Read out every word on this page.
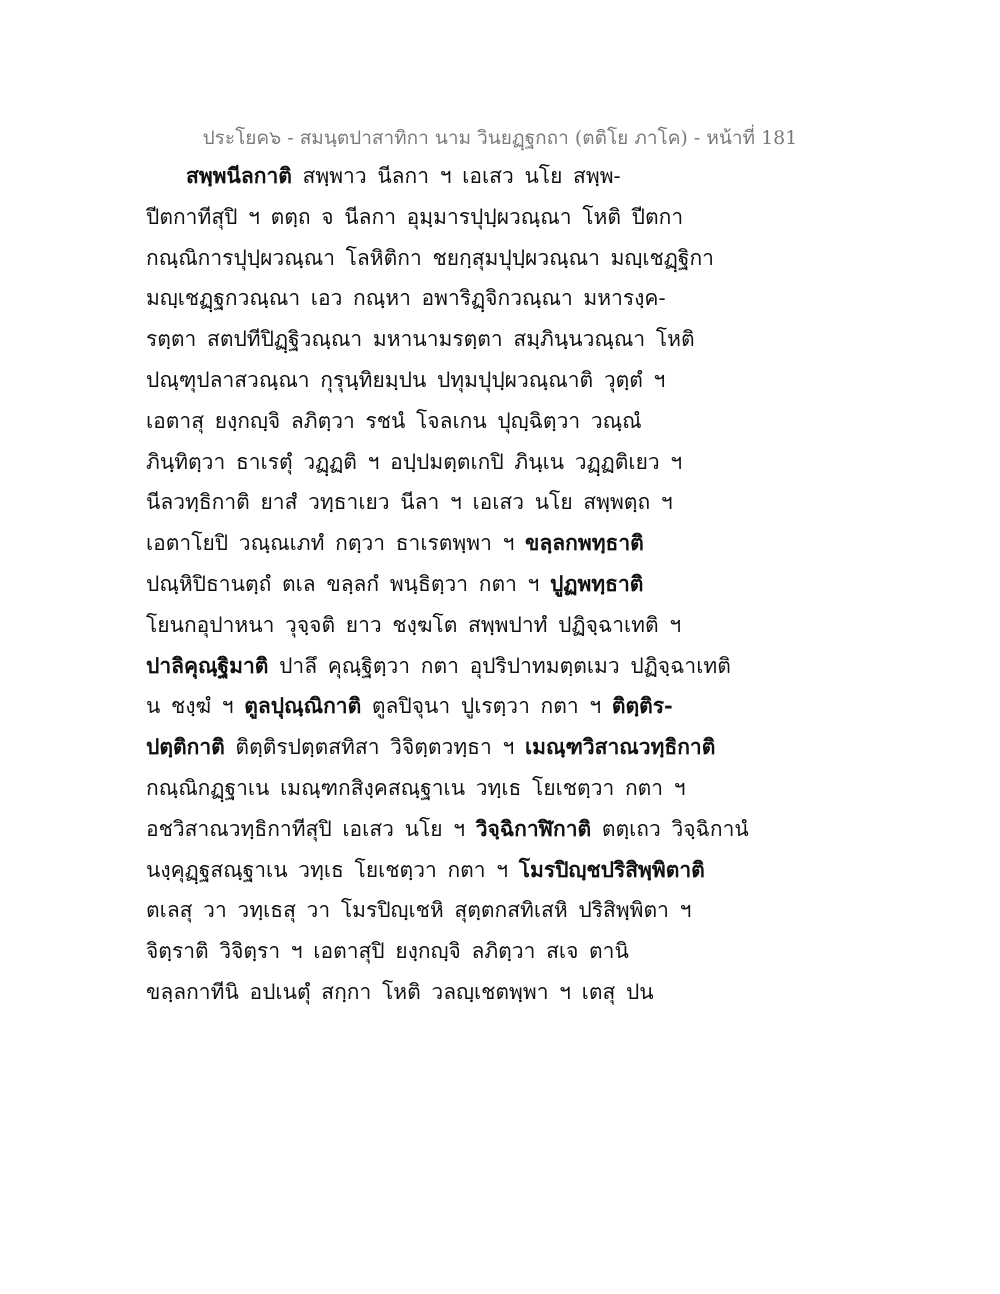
ประโยค๖ - สมนฺตปาสาทิกา นาม วินยฏฺฐกถา (ตติโย ภาโค) - หน้าที่ 181
สพฺพนีลกาติ สพฺพาว นีลกา ฯ เอเสว นโย สพฺพ-
ปีตกาทีสุปิ ฯ ตตฺถ จ นีลกา อุมฺมารปุปฺผวณฺณา โหติ ปีตกา
กณฺณิการปุปฺผวณฺณา โลหิติกา ชยกฺสุมปุปฺผวณฺณา มญฺเชฏฺฐิกา
มญฺเชฏฺฐกวณฺณา เอว กณฺหา อพาริฏฺจิกวณฺณา มหารงฺค-
รตฺตา สตปทีปิฏฺฐิวณฺณา มหานามรตฺตา สมฺภินฺนวณฺณา โหติ
ปณฺฑุปลาสวณฺณา กุรุนฺทิยมฺปน ปทุมปุปฺผวณฺณาติ วุตฺตํ ฯ
เอตาสุ ยงฺกญฺจิ ลภิตฺวา รชนํ โจลเกน ปุญฺฉิตฺวา วณฺณํ
ภินฺทิตฺวา ธาเรตุํ วฏฺฏติ ฯ อปฺปมตฺตเกปิ ภินฺเน วฏฺฏติเยว ฯ
นีลวทฺธิกาติ ยาสํ วทฺธาเยว นีลา ฯ เอเสว นโย สพฺพตฺถ ฯ
เอตาโยปิ วณฺณเภทํ กตฺวา ธาเรตพฺพา ฯ ขลฺลกพทฺธาติ
ปณฺหิปิธานตฺถํ ตเล ขลฺลกํ พนฺธิตฺวา กตา ฯ ปูฏพทฺธาติ
โยนกอุปาหนา วุจฺจติ ยาว ชงฺฆโต สพฺพปาทํ ปฏิจฺฉาเทติ ฯ
ปาลิคุณฺฐิมาติ ปาลึ คุณฺฐิตฺวา กตา อุปริปาทมตฺตเมว ปฏิจฺฉาเทติ
น ชงฺฆํ ฯ ตูลปุณฺณิกาติ ตูลปิจุนา ปูเรตฺวา กตา ฯ ติตฺติร-
ปตฺติกาติ ติตฺติรปตฺตสทิสา วิจิตฺตวทฺธา ฯ เมณฺฑวิสาณวทฺธิกาติ
กณฺณิกฏฺฐาเน เมณฺฑกสิงฺคสณฺฐาเน วทฺเธ โยเชตฺวา กตา ฯ
อชวิสาณวทฺธิกาทีสุปิ เอเสว นโย ฯ วิจฺฉิกาฬิกาติ ตตฺเถว วิจฺฉิกานํ
นงฺคุฏฺฐสณฺฐาเน วทฺเธ โยเชตฺวา กตา ฯ โมรปิญฺชปริสิพฺพิตาติ
ตเลสุ วา วทฺเธสุ วา โมรปิญฺเชหิ สุตฺตกสทิเสหิ ปริสิพฺพิตา ฯ
จิตฺราติ วิจิตฺรา ฯ เอตาสุปิ ยงฺกญฺจิ ลภิตฺวา สเจ ตานิ
ขลฺลกาทีนิ อปเนตุํ สกฺกา โหติ วลญฺเชตพฺพา ฯ เตสุ ปน
